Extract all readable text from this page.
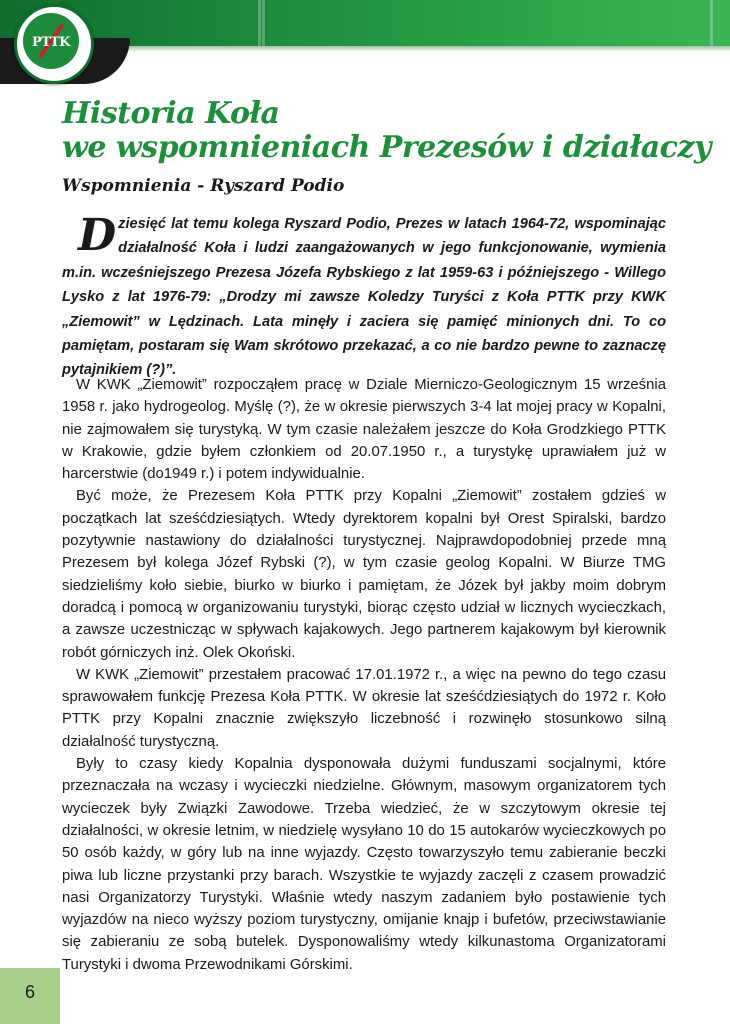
PTTK
Historia Koła
we wspomnieniach Prezesów i działaczy
Wspomnienia - Ryszard Podio

Dziesięć lat temu kolega Ryszard Podio, Prezes w latach 1964-72, wspominając działalność Koła i ludzi zaangażowanych w jego funkcjonowanie, wymienia m.in. wcześniejszego Prezesa Józefa Rybskiego z lat 1959-63 i późniejszego - Willego Lysko z lat 1976-79: „Drodzy mi zawsze Koledzy Turyści z Koła PTTK przy KWK „Ziemowit” w Lędzinach. Lata minęły i zaciera się pamięć minionych dni. To co pamiętam, postaram się Wam skrótowo przekazać, a co nie bardzo pewne to zaznaczę pytajnikiem (?)”.

W KWK „Ziemowit” rozpocząłem pracę w Dziale Mierniczo-Geologicznym 15 września 1958 r. jako hydrogeolog. Myślę (?), że w okresie pierwszych 3-4 lat mojej pracy w Kopalni, nie zajmowałem się turystyką. W tym czasie należałem jeszcze do Koła Grodzkiego PTTK w Krakowie, gdzie byłem członkiem od 20.07.1950 r., a turystykę uprawiałem już w harcerstwie (do1949 r.) i potem indywidualnie.

Być może, że Prezesem Koła PTTK przy Kopalni „Ziemowit” zostałem gdzieś w początkach lat sześćdziesiątych. Wtedy dyrektorem kopalni był Orest Spiralski, bardzo pozytywnie nastawiony do działalności turystycznej. Najprawdopodobniej przede mną Prezesem był kolega Józef Rybski (?), w tym czasie geolog Kopalni. W Biurze TMG siedzieliśmy koło siebie, biurko w biurko i pamiętam, że Józek był jakby moim dobrym doradcą i pomocą w organizowaniu turystyki, biorąc często udział w licznych wycieczkach, a zawsze uczestnicząc w spływach kajakowych. Jego partnerem kajakowym był kierownik robót górniczych inż. Olek Okoński.

W KWK „Ziemowit” przestałem pracować 17.01.1972 r., a więc na pewno do tego czasu sprawowałem funkcję Prezesa Koła PTTK. W okresie lat sześćdziesiątych do 1972 r. Koło PTTK przy Kopalni znacznie zwiększyło liczebność i rozwinęło stosunkowo silną działalność turystyczną.

Były to czasy kiedy Kopalnia dysponowała dużymi funduszami socjalnymi, które przeznaczała na wczasy i wycieczki niedzielne. Głównym, masowym organizatorem tych wycieczek były Związki Zawodowe. Trzeba wiedzieć, że w szczytowym okresie tej działalności, w okresie letnim, w niedzielę wysyłano 10 do 15 autokarów wycieczkowych po 50 osób każdy, w góry lub na inne wyjazdy. Często towarzyszyło temu zabieranie beczki piwa lub liczne przystanki przy barach. Wszystkie te wyjazdy zaczęli z czasem prowadzić nasi Organizatorzy Turystyki. Właśnie wtedy naszym zadaniem było postawienie tych wyjazdów na nieco wyższy poziom turystyczny, omijanie knajp i bufetów, przeciwstawianie się zabieraniu ze sobą butelek. Dysponowaliśmy wtedy kilkunastoma Organizatorami Turystyki i dwoma Przewodnikami Górskimi.

6
